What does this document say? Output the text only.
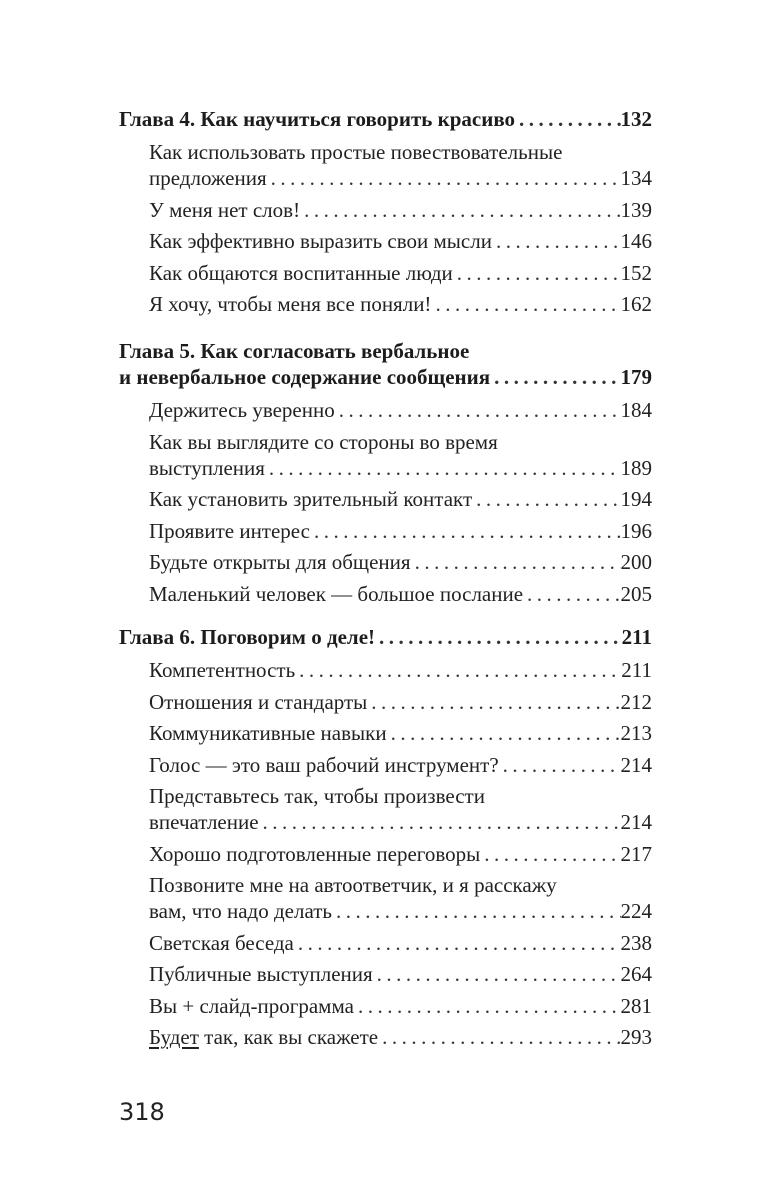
Глава 4. Как научиться говорить красиво .....	132
Как использовать простые повествовательные
предложения .....	134
У меня нет слов! .....	139
Как эффективно выразить свои мысли .....	146
Как общаются воспитанные люди .....	152
Я хочу, чтобы меня все поняли! .....	162
Глава 5. Как согласовать вербальное
и невербальное содержание сообщения .....	179
Держитесь уверенно .....	184
Как вы выглядите со стороны во время
выступления .....	189
Как установить зрительный контакт .....	194
Проявите интерес .....	196
Будьте открыты для общения .....	200
Маленький человек — большое послание .....	205
Глава 6. Поговорим о деле! .....	211
Компетентность .....	211
Отношения и стандарты .....	212
Коммуникативные навыки .....	213
Голос — это ваш рабочий инструмент? .....	214
Представьтесь так, чтобы произвести
впечатление .....	214
Хорошо подготовленные переговоры .....	217
Позвоните мне на автоответчик, и я расскажу
вам, что надо делать .....	224
Светская беседа .....	238
Публичные выступления .....	264
Вы + слайд-программа .....	281
Будет так, как вы скажете .....	293
318
